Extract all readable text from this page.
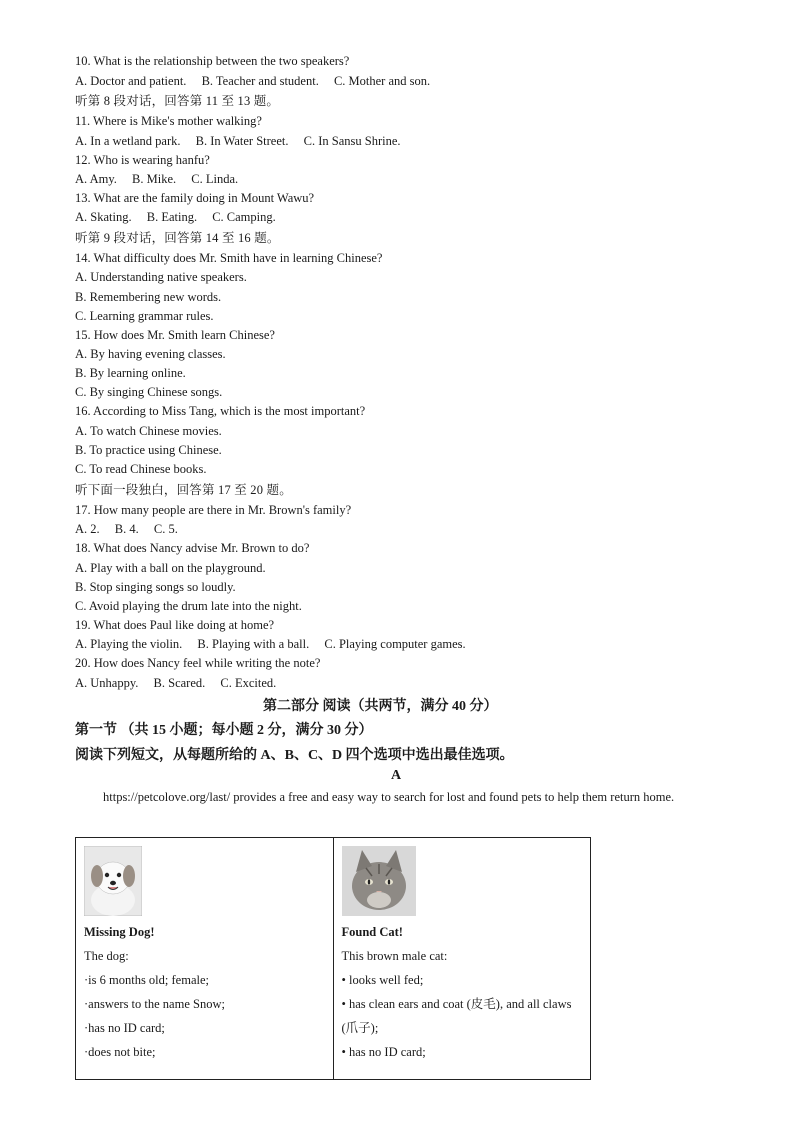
10. What is the relationship between the two speakers?
A. Doctor and patient. B. Teacher and student. C. Mother and son.
听第 8 段对话，回答第 11 至 13 题。
11. Where is Mike's mother walking?
A. In a wetland park. B. In Water Street. C. In Sansu Shrine.
12. Who is wearing hanfu?
A. Amy. B. Mike. C. Linda.
13. What are the family doing in Mount Wawu?
A. Skating. B. Eating. C. Camping.
听第 9 段对话，回答第 14 至 16 题。
14. What difficulty does Mr. Smith have in learning Chinese?
A. Understanding native speakers.
B. Remembering new words.
C. Learning grammar rules.
15. How does Mr. Smith learn Chinese?
A. By having evening classes.
B. By learning online.
C. By singing Chinese songs.
16. According to Miss Tang, which is the most important?
A. To watch Chinese movies.
B. To practice using Chinese.
C. To read Chinese books.
听下面一段独白，回答第 17 至 20 题。
17. How many people are there in Mr. Brown's family?
A. 2. B. 4. C. 5.
18. What does Nancy advise Mr. Brown to do?
A. Play with a ball on the playground.
B. Stop singing songs so loudly.
C. Avoid playing the drum late into the night.
19. What does Paul like doing at home?
A. Playing the violin. B. Playing with a ball. C. Playing computer games.
20. How does Nancy feel while writing the note?
A. Unhappy. B. Scared. C. Excited.
第二部分 阅读（共两节，满分 40 分）
第一节 （共 15 小题；每小题 2 分，满分 30 分）
阅读下列短文，从每题所给的 A、B、C、D 四个选项中选出最佳选项。
A
https://petcolove.org/last/ provides a free and easy way to search for lost and found pets to help them return home.
Missing Dog!
The dog:
·is 6 months old; female;
·answers to the name Snow;
·has no ID card;
·does not bite;

Found Cat!
This brown male cat:
• looks well fed;
• has clean ears and coat (皮毛), and all claws (爪子);
• has no ID card;
